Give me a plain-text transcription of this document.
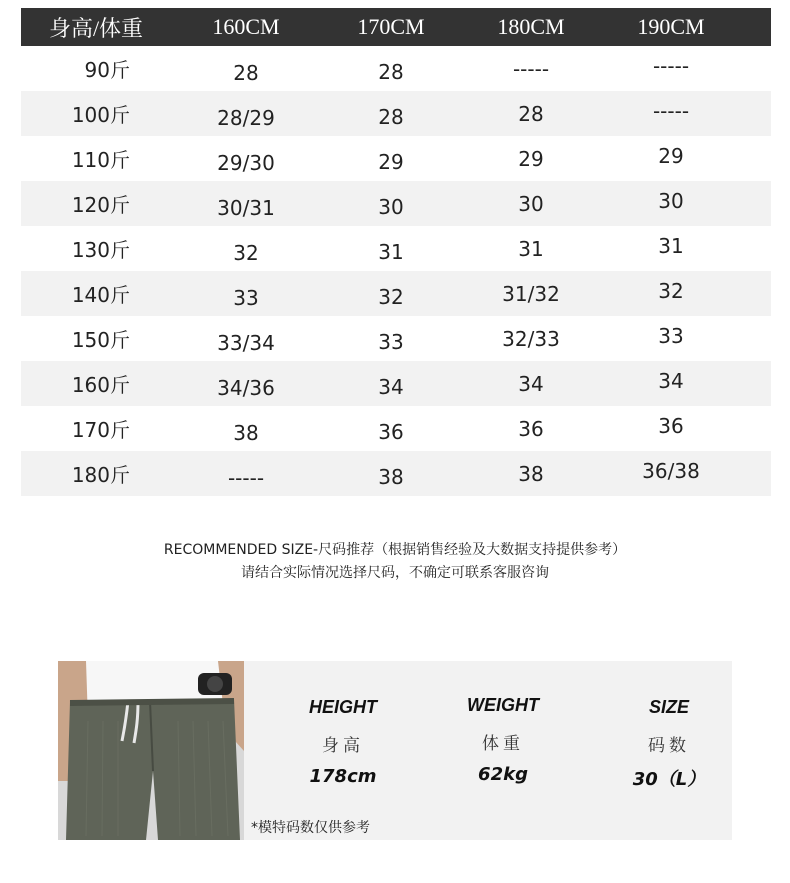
身高/体重	160CM	170CM	180CM	190CM
90斤	28	28	-----	-----
100斤	28/29	28	28	-----
110斤	29/30	29	29	29
120斤	30/31	30	30	30
130斤	32	31	31	31
140斤	33	32	31/32	32
150斤	33/34	33	32/33	33
160斤	34/36	34	34	34
170斤	38	36	36	36
180斤	-----	38	38	36/38
RECOMMENDED SIZE-尺码推荐（根据销售经验及大数据支持提供参考）
请结合实际情况选择尺码，不确定可联系客服咨询
HEIGHT
身高
178cm
WEIGHT
体重
62kg
SIZE
码数
30（L）
*模特码数仅供参考
